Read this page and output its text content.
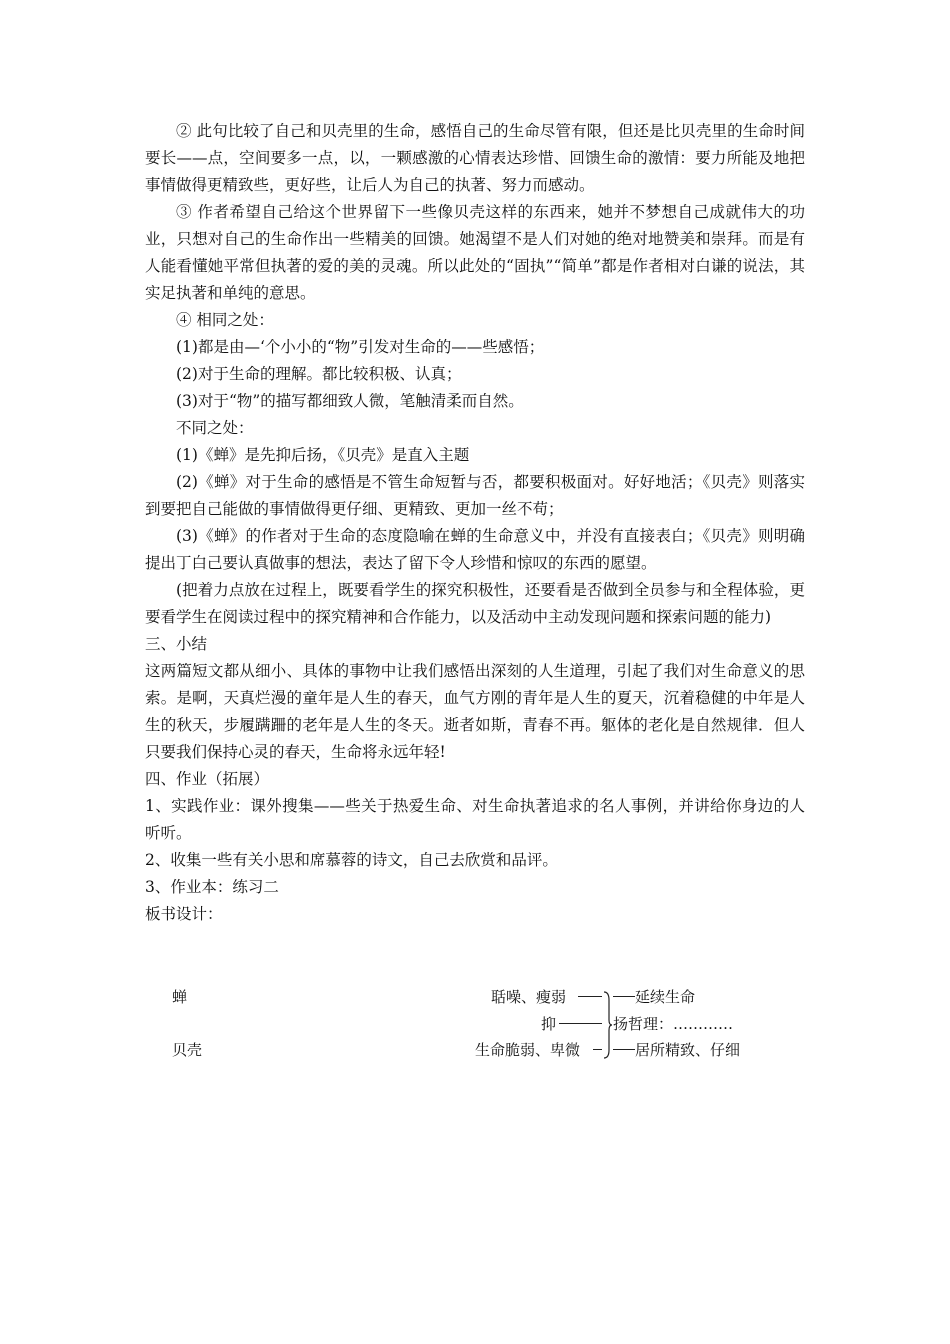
② 此句比较了自己和贝壳里的生命，感悟自己的生命尽管有限，但还是比贝壳里的生命时间要长——点，空间要多一点，以，一颗感激的心情表达珍惜、回馈生命的激情：要力所能及地把事情做得更精致些，更好些，让后人为自己的执著、努力而感动。

③ 作者希望自己给这个世界留下一些像贝壳这样的东西来，她并不梦想自己成就伟大的功业，只想对自己的生命作出一些精美的回馈。她渴望不是人们对她的绝对地赞美和崇拜。而是有人能看懂她平常但执著的爱的美的灵魂。所以此处的“固执”“简单”都是作者相对白谦的说法，其实足执著和单纯的意思。

④ 相同之处：

(1)都是由—‘个小小的“物”引发对生命的——些感悟；

(2)对于生命的理解。都比较积极、认真；

(3)对于“物”的描写都细致人微，笔触清柔而自然。

不同之处：

(1)《蝉》是先抑后扬，《贝壳》是直入主题

(2)《蝉》对于生命的感悟是不管生命短暂与否，都要积极面对。好好地活；《贝壳》则落实到要把自己能做的事情做得更仔细、更精致、更加一丝不苟；

(3)《蝉》的作者对于生命的态度隐喻在蝉的生命意义中，并没有直接表白；《贝壳》则明确提出丁白己要认真做事的想法，表达了留下令人珍惜和惊叹的东西的愿望。

(把着力点放在过程上，既要看学生的探究积极性，还要看是否做到全员参与和全程体验，更要看学生在阅读过程中的探究精神和合作能力，以及活动中主动发现问题和探索问题的能力)

三、小结

这两篇短文都从细小、具体的事物中让我们感悟出深刻的人生道理，引起了我们对生命意义的思索。是啊，天真烂漫的童年是人生的春天，血气方刚的青年是人生的夏天，沉着稳健的中年是人生的秋天，步履蹒跚的老年是人生的冬天。逝者如斯，青春不再。躯体的老化是自然规律．但人只要我们保持心灵的春天，生命将永远年轻!

四、作业（拓展）

1、实践作业：课外搜集——些关于热爱生命、对生命执著追求的名人事例，并讲给你身边的人听听。

2、收集一些有关小思和席慕蓉的诗文，自己去欣赏和品评。

3、作业本：练习二

板书设计：

蝉
贝壳
聒噪、瘦弱
抑
生命脆弱、卑微
延续生命
扬哲理：…………
居所精致、仔细
